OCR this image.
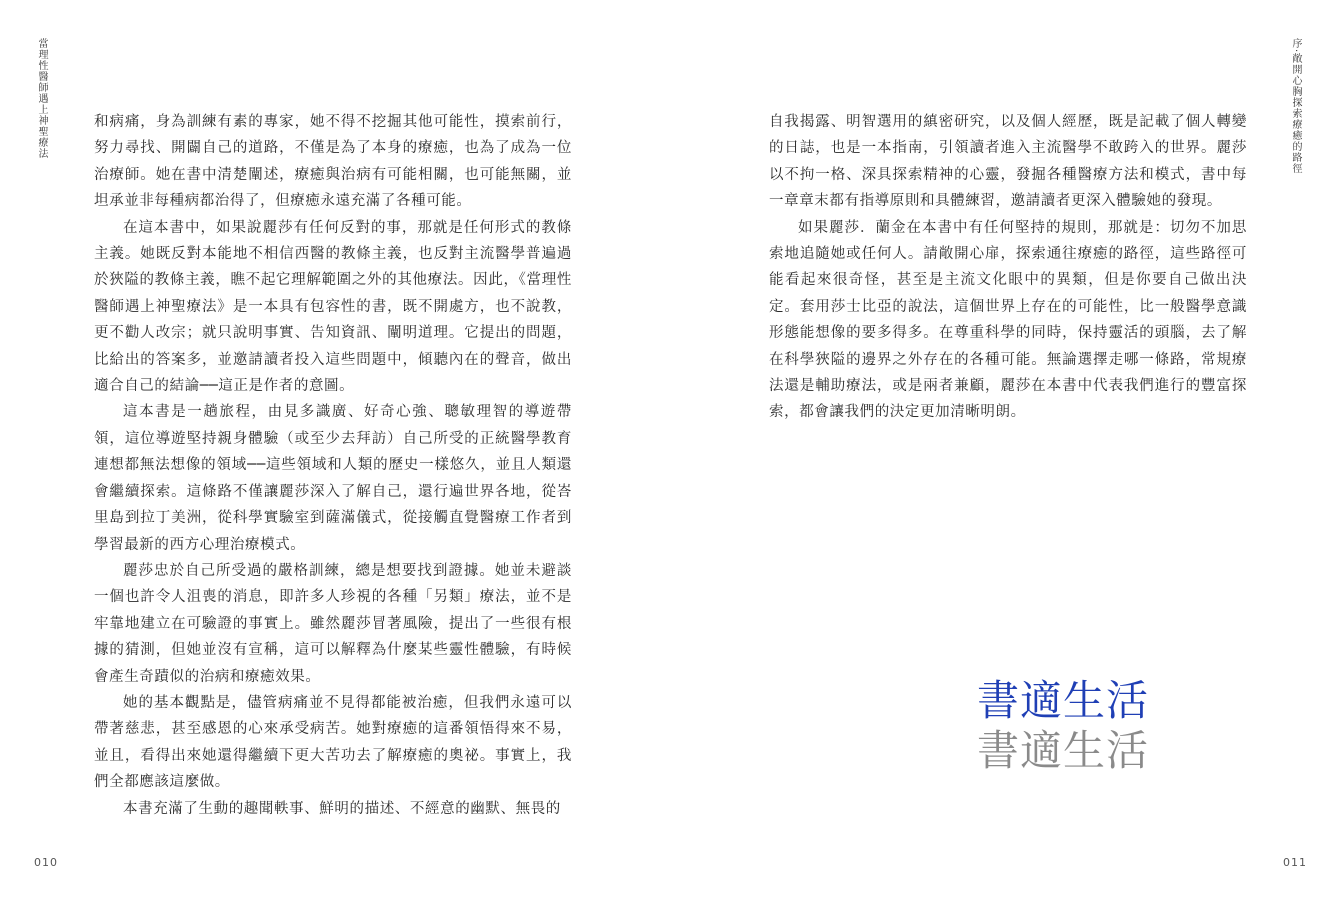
當理性醫師遇上神聖療法	和病痛，身為訓練有素的專家，她不得不挖掘其他可能性，摸索前行，努力尋找、開闢自己的道路，不僅是為了本身的療癒，也為了成為一位治療師。她在書中清楚闡述，療癒與治病有可能相關，也可能無關，並坦承並非每種病都治得了，但療癒永遠充滿了各種可能。

在這本書中，如果說麗莎有任何反對的事，那就是任何形式的教條主義。她既反對本能地不相信西醫的教條主義，也反對主流醫學普遍過於狹隘的教條主義，瞧不起它理解範圍之外的其他療法。因此，《當理性醫師遇上神聖療法》是一本具有包容性的書，既不開處方，也不說教，更不勸人改宗；就只說明事實、告知資訊、闡明道理。它提出的問題，比給出的答案多，並邀請讀者投入這些問題中，傾聽內在的聲音，做出適合自己的結論──這正是作者的意圖。

這本書是一趟旅程，由見多識廣、好奇心強、聰敏理智的導遊帶領，這位導遊堅持親身體驗（或至少去拜訪）自己所受的正統醫學教育連想都無法想像的領域──這些領域和人類的歷史一樣悠久，並且人類還會繼續探索。這條路不僅讓麗莎深入了解自己，還行遍世界各地，從峇里島到拉丁美洲，從科學實驗室到薩滿儀式，從接觸直覺醫療工作者到學習最新的西方心理治療模式。

麗莎忠於自己所受過的嚴格訓練，總是想要找到證據。她並未避談一個也許令人沮喪的消息，即許多人珍視的各種「另類」療法，並不是牢靠地建立在可驗證的事實上。雖然麗莎冒著風險，提出了一些很有根據的猜測，但她並沒有宣稱，這可以解釋為什麼某些靈性體驗，有時候會產生奇蹟似的治病和療癒效果。

她的基本觀點是，儘管病痛並不見得都能被治癒，但我們永遠可以帶著慈悲，甚至感恩的心來承受病苦。她對療癒的這番領悟得來不易，並且，看得出來她還得繼續下更大苦功去了解療癒的奧祕。事實上，我們全都應該這麼做。

本書充滿了生動的趣聞軼事、鮮明的描述、不經意的幽默、無畏的

010
序‧敞開心胸探索療癒的路徑

自我揭露、明智選用的縝密研究，以及個人經歷，既是記載了個人轉變的日誌，也是一本指南，引領讀者進入主流醫學不敢跨入的世界。麗莎以不拘一格、深具探索精神的心靈，發掘各種醫療方法和模式，書中每一章章末都有指導原則和具體練習，邀請讀者更深入體驗她的發現。

如果麗莎．蘭金在本書中有任何堅持的規則，那就是：切勿不加思索地追隨她或任何人。請敞開心扉，探索通往療癒的路徑，這些路徑可能看起來很奇怪，甚至是主流文化眼中的異類，但是你要自己做出決定。套用莎士比亞的說法，這個世界上存在的可能性，比一般醫學意識形態能想像的要多得多。在尊重科學的同時，保持靈活的頭腦，去了解在科學狹隘的邊界之外存在的各種可能。無論選擇走哪一條路，常規療法還是輔助療法，或是兩者兼顧，麗莎在本書中代表我們進行的豐富探索，都會讓我們的決定更加清晰明朗。

書適生活
書適生活
011
